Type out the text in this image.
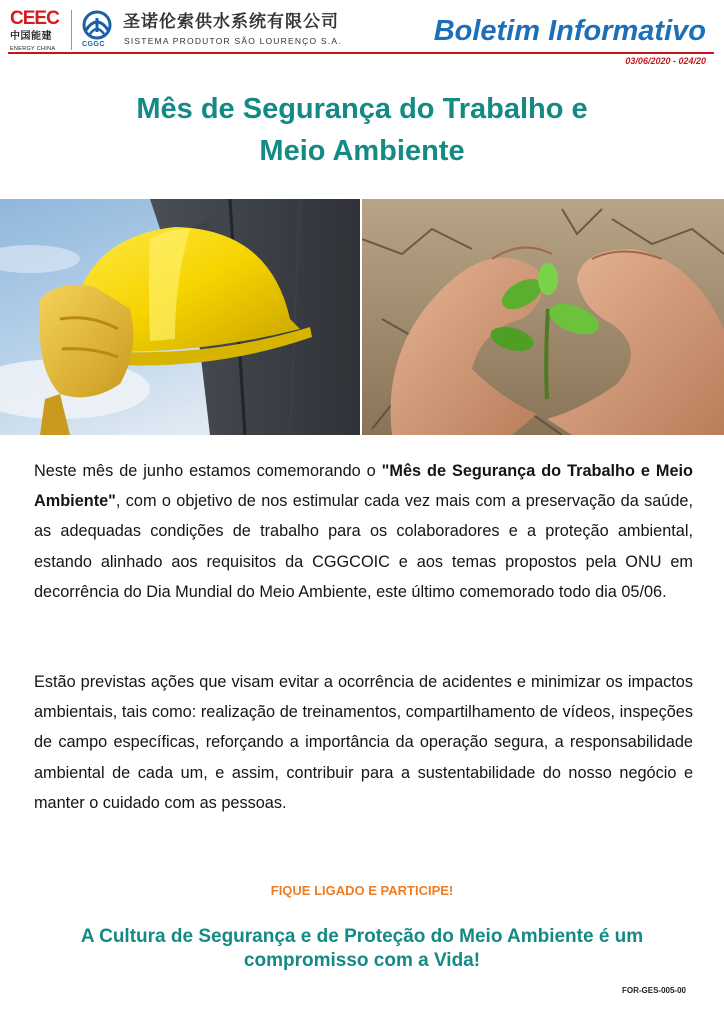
CEEC
中国能建
ENERGY CHINA
CGGC
圣诺伦索供水系统有限公司
SISTEMA PRODUTOR SÃO LOURENÇO S.A.	Boletim Informativo
03/06/2020 - 024/20
Mês de Segurança do Trabalho e
Meio Ambiente
Neste mês de junho estamos comemorando o "Mês de Segurança do Trabalho e Meio Ambiente", com o objetivo de nos estimular cada vez mais com a preservação da saúde, as adequadas condições de trabalho para os colaboradores e a proteção ambiental, estando alinhado aos requisitos da CGGCOIC e aos temas propostos pela ONU em decorrência do Dia Mundial do Meio Ambiente, este último comemorado todo dia 05/06.
Estão previstas ações que visam evitar a ocorrência de acidentes e minimizar os impactos ambientais, tais como: realização de treinamentos, compartilhamento de vídeos, inspeções de campo específicas, reforçando a importância da operação segura, a responsabilidade ambiental de cada um, e assim, contribuir para a sustentabilidade do nosso negócio e manter o cuidado com as pessoas.
FIQUE LIGADO E PARTICIPE!
A Cultura de Segurança e de Proteção do Meio Ambiente é um
compromisso com a Vida!
FOR-GES-005-00
